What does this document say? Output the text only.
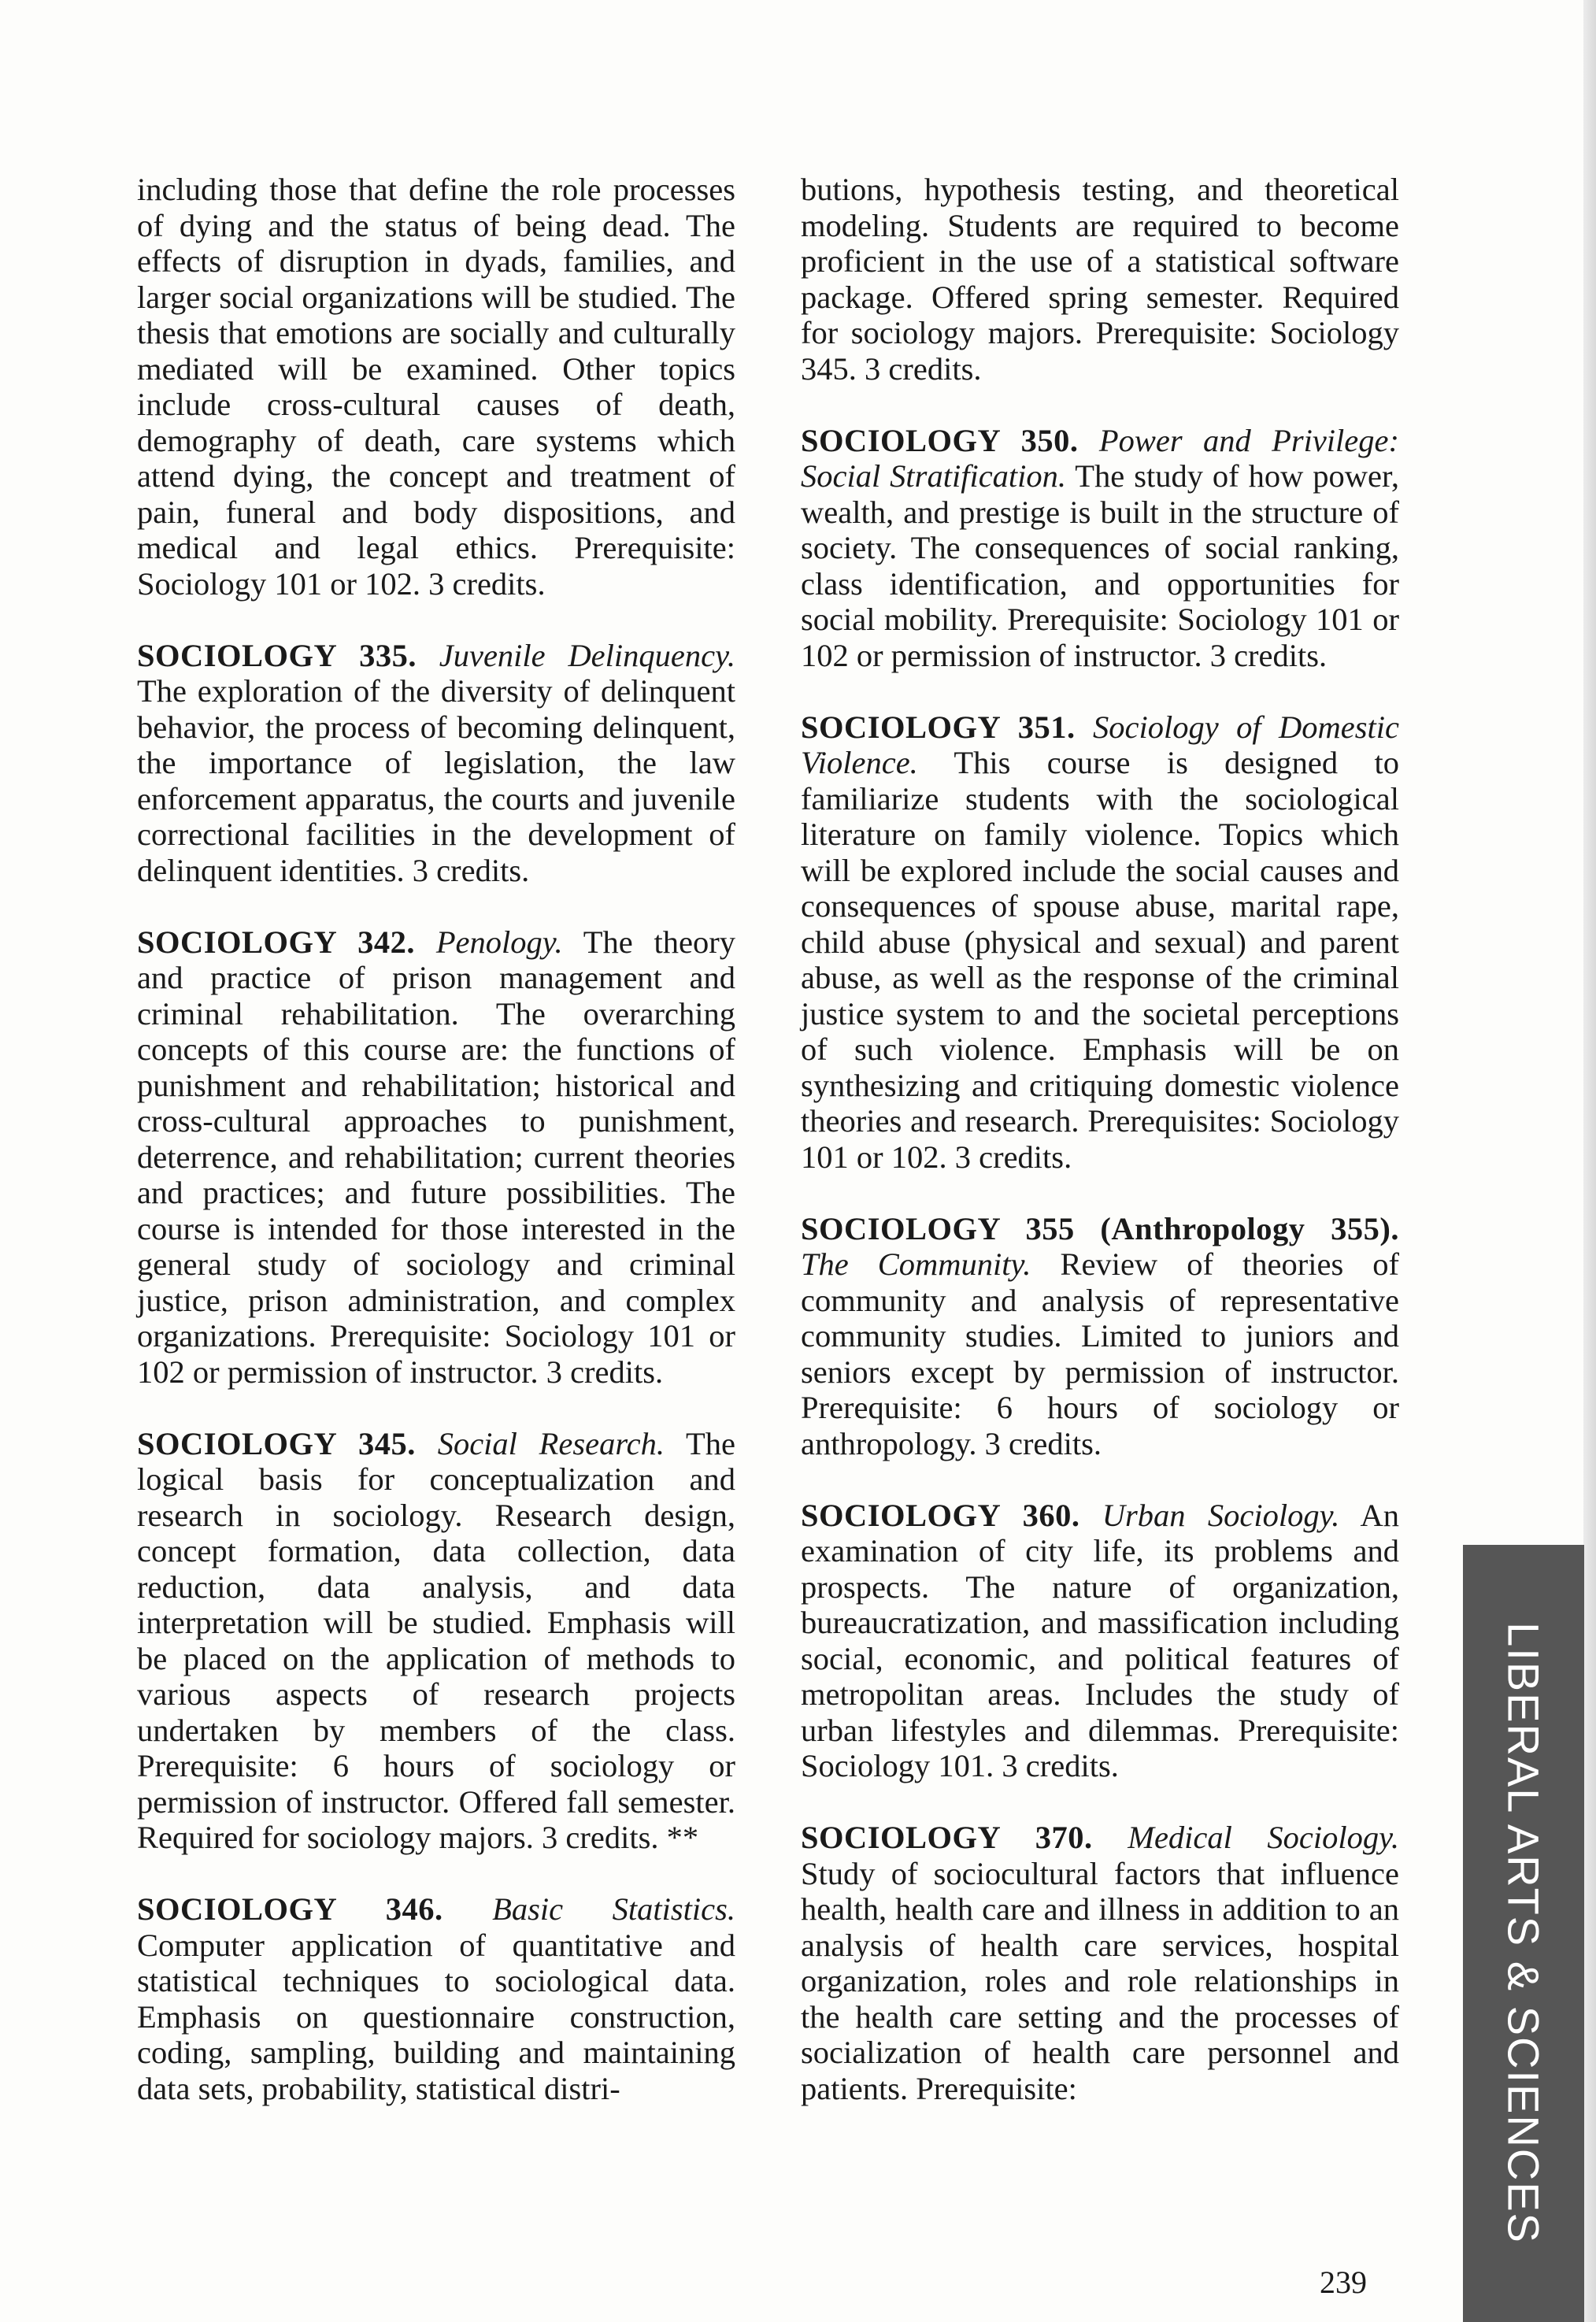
including those that define the role processes of dying and the status of being dead. The effects of disruption in dyads, families, and larger social organizations will be studied. The thesis that emotions are socially and culturally mediated will be examined. Other topics include cross-cultural causes of death, demography of death, care systems which attend dying, the concept and treatment of pain, funeral and body dispositions, and medical and legal ethics. Prerequisite: Sociology 101 or 102. 3 credits.

SOCIOLOGY 335. Juvenile Delinquency. The exploration of the diversity of delinquent behavior, the process of becoming delinquent, the importance of legislation, the law enforcement apparatus, the courts and juvenile correctional facilities in the development of delinquent identities. 3 credits.

SOCIOLOGY 342. Penology. The theory and practice of prison management and criminal rehabilitation. The overarching concepts of this course are: the functions of punishment and rehabilitation; historical and cross-cultural approaches to punishment, deterrence, and rehabilitation; current theories and practices; and future possibilities. The course is intended for those interested in the general study of sociology and criminal justice, prison administration, and complex organizations. Prerequisite: Sociology 101 or 102 or permission of instructor. 3 credits.

SOCIOLOGY 345. Social Research. The logical basis for conceptualization and research in sociology. Research design, concept formation, data collection, data reduction, data analysis, and data interpretation will be studied. Emphasis will be placed on the application of methods to various aspects of research projects undertaken by members of the class. Prerequisite: 6 hours of sociology or permission of instructor. Offered fall semester. Required for sociology majors. 3 credits. **

SOCIOLOGY 346. Basic Statistics. Computer application of quantitative and statistical techniques to sociological data. Emphasis on questionnaire construction, coding, sampling, building and maintaining data sets, probability, statistical distri-

butions, hypothesis testing, and theoretical modeling. Students are required to become proficient in the use of a statistical software package. Offered spring semester. Required for sociology majors. Prerequisite: Sociology 345. 3 credits.

SOCIOLOGY 350. Power and Privilege: Social Stratification. The study of how power, wealth, and prestige is built in the structure of society. The consequences of social ranking, class identification, and opportunities for social mobility. Prerequisite: Sociology 101 or 102 or permission of instructor. 3 credits.

SOCIOLOGY 351. Sociology of Domestic Violence. This course is designed to familiarize students with the sociological literature on family violence. Topics which will be explored include the social causes and consequences of spouse abuse, marital rape, child abuse (physical and sexual) and parent abuse, as well as the response of the criminal justice system to and the societal perceptions of such violence. Emphasis will be on synthesizing and critiquing domestic violence theories and research. Prerequisites: Sociology 101 or 102. 3 credits.

SOCIOLOGY 355 (Anthropology 355). The Community. Review of theories of community and analysis of representative community studies. Limited to juniors and seniors except by permission of instructor. Prerequisite: 6 hours of sociology or anthropology. 3 credits.

SOCIOLOGY 360. Urban Sociology. An examination of city life, its problems and prospects. The nature of organization, bureaucratization, and massification including social, economic, and political features of metropolitan areas. Includes the study of urban lifestyles and dilemmas. Prerequisite: Sociology 101. 3 credits.

SOCIOLOGY 370. Medical Sociology. Study of sociocultural factors that influence health, health care and illness in addition to an analysis of health care services, hospital organization, roles and role relationships in the health care setting and the processes of socialization of health care personnel and patients. Prerequisite:

239
LIBERAL ARTS & SCIENCES
